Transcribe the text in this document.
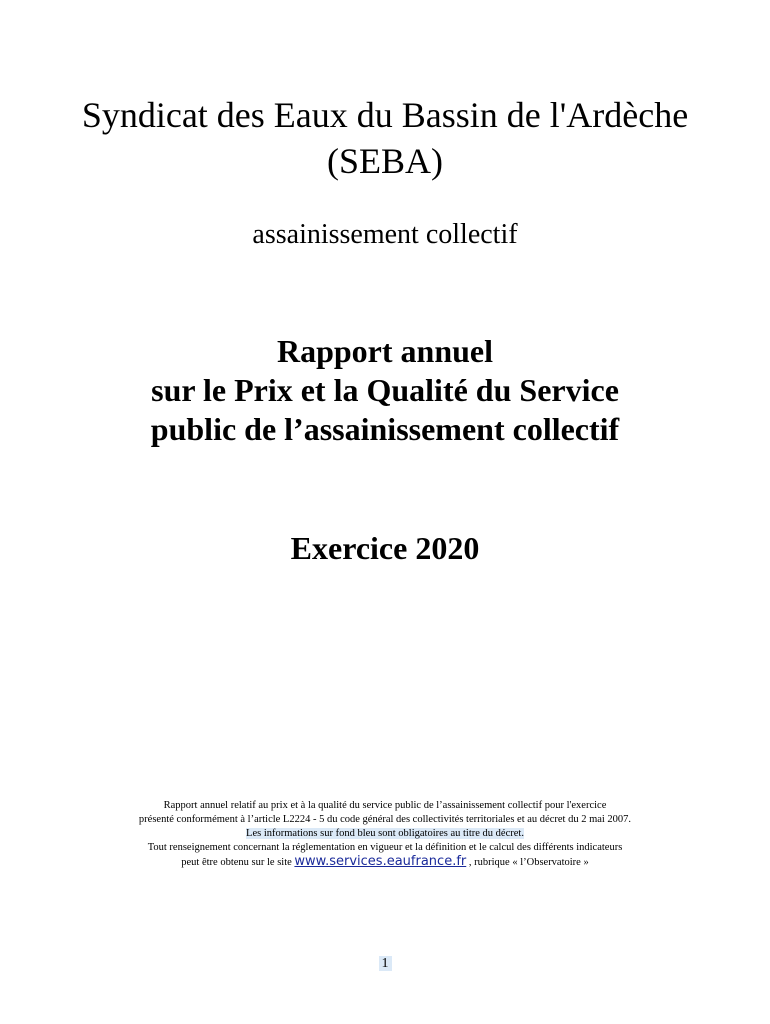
Syndicat des Eaux du Bassin de l'Ardèche
(SEBA)
assainissement collectif
Rapport annuel
sur le Prix et la Qualité du Service
public de l’assainissement collectif
Exercice 2020
Rapport annuel relatif au prix et à la qualité du service public de l’assainissement collectif pour l'exercice
présenté conformément à l’article L2224 - 5 du code général des collectivités territoriales et au décret du 2 mai 2007.
Les informations sur fond bleu sont obligatoires au titre du décret.
Tout renseignement concernant la réglementation en vigueur et la définition et le calcul des différents indicateurs
peut être obtenu sur le site www.services.eaufrance.fr , rubrique « l’Observatoire »
1
